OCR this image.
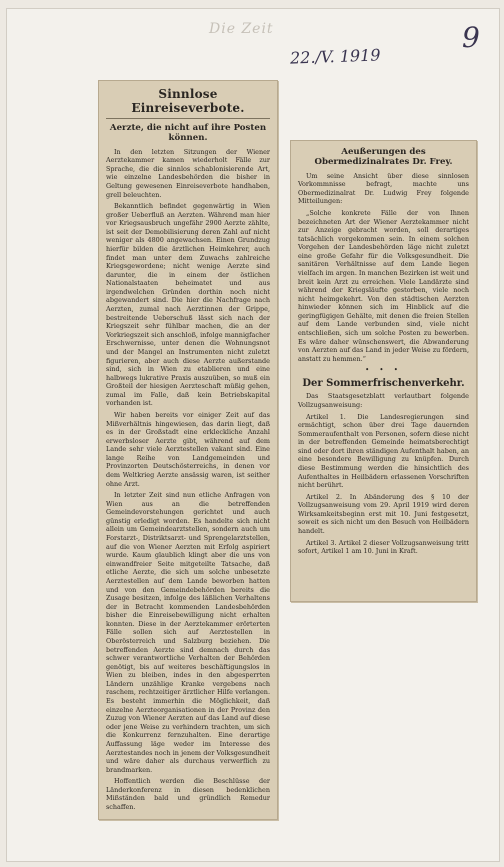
Die Zeit
22./V. 1919
9
Sinnlose Einreiseverbote.
Aerzte, die nicht auf ihre Posten können.

In den letzten Sitzungen der Wiener Aerztekammer kamen wiederholt Fälle zur Sprache, die die sinnlos schablonisierende Art, wie einzelne Landesbehörden die bisher in Geltung gewesenen Einreiseverbote handhaben, grell beleuchten.

Bekanntlich befindet gegenwärtig in Wien großer Ueberfluß an Aerzten. Während man hier vor Kriegsausbruch ungefähr 2900 Aerzte zählte, ist seit der Demobilisierung deren Zahl auf nicht weniger als 4800 angewachsen. Einen Grundzug hierfür bilden die ärztlichen Heimkehrer, auch findet man unter dem Zuwachs zahlreiche Kriegsgewordene; nicht wenige Aerzte sind darunter, die in einem der östlichen Nationalstaaten beheimatet und aus irgendwelchen Gründen dorthin noch nicht abgewandert sind. Die hier die Nachfrage nach Aerzten, zumal nach Aerztinnen der Grippe, bestreitende Ueberschuß lässt sich nach der Kriegszeit sehr fühlbar machen, die an der Vorkriegszeit sich anschloß, infolge mannigfacher Erschwernisse, unter denen die Wohnungsnot und der Mangel an Instrumenten nicht zuletzt figurieren, aber auch diese Aerzte außerstande sind, sich in Wien zu etablieren und eine halbwegs lukrative Praxis auszuüben, so muß ein Großteil der hiesigen Aerzteschaft müßig gehen, zumal im Falle, daß kein Betriebskapital vorhanden ist.

Wir haben bereits vor einiger Zeit auf das Mißverhältnis hingewiesen, das darin liegt, daß es in der Großstadt eine erkleckliche Anzahl erwerbsloser Aerzte gibt, während auf dem Lande sehr viele Aerztestellen vakant sind. Eine lange Reihe von Landgemeinden und Provinzorten Deutschösterreichs, in denen vor dem Weltkrieg Aerzte ansässig waren, ist seither ohne Arzt.

In letzter Zeit sind nun etliche Anfragen von Wien aus an die betreffenden Gemeindevorstehungen gerichtet und auch günstig erledigt worden. Es handelte sich nicht allein um Gemeindearztstellen, sondern auch um Forstarzt-, Distriktsarzt- und Sprengelarztstellen, auf die von Wiener Aerzten mit Erfolg aspiriert wurde. Kaum glaublich klingt aber die uns von einwandfreier Seite mitgeteilte Tatsache, daß etliche Aerzte, die sich um solche unbesetzte Aerztestellen auf dem Lande beworben hatten und von den Gemeindebehörden bereits die Zusage besitzen, infolge des läßlichen Verhaltens der in Betracht kommenden Landesbehörden bisher die Einreisebewilligung nicht erhalten konnten. Diese in der Aerztekammer erörterten Fälle sollen sich auf Aerztestellen in Oberösterreich und Salzburg beziehen. Die betreffenden Aerzte sind demnach durch das schwer verantwortliche Verhalten der Behörden genötigt, bis auf weiteres beschäftigungslos in Wien zu bleiben, indes in den abgesperrten Ländern unzählige Kranke vergebens nach raschem, rechtzeitiger ärztlicher Hilfe verlangen. Es besteht immerhin die Möglichkeit, daß einzelne Aerzteorganisationen in der Provinz den Zuzug von Wiener Aerzten auf das Land auf diese oder jene Weise zu verhindern trachten, um sich die Konkurrenz fernzuhalten. Eine derartige Auffassung läge weder im Interesse des Aerztestandes noch in jenem der Volksgesundheit und wäre daher als durchaus verwerflich zu brandmarken.

Hoffentlich werden die Beschlüsse der Länderkonferenz in diesen bedenklichen Mißständen bald und gründlich Remedur schaffen.

Aeußerungen des Obermedizinalrates Dr. Frey.

Um seine Ansicht über diese sinnlosen Vorkommnisse befragt, machte uns Obermedizinalrat Dr. Ludwig Frey folgende Mitteilungen:

„Solche konkrete Fälle der von Ihnen bezeichneten Art der Wiener Aerztekammer nicht zur Anzeige gebracht worden, soll derartiges tatsächlich vorgekommen sein. In einem solchen Vorgehen der Landesbehörden läge nicht zuletzt eine große Gefahr für die Volksgesundheit. Die sanitären Verhältnisse auf dem Lande liegen vielfach im argen. In manchen Bezirken ist weit und breit kein Arzt zu erreichen. Viele Landärzte sind während der Kriegsläufte gestorben, viele noch nicht heimgekehrt. Von den städtischen Aerzten hinwieder können sich im Hinblick auf die geringfügigen Gehälte, mit denen die freien Stellen auf dem Lande verbunden sind, viele nicht entschließen, sich um solche Posten zu bewerben. Es wäre daher wünschenswert, die Abwanderung von Aerzten auf das Land in jeder Weise zu fördern, anstatt zu hemmen.“

• • •
Der Sommerfrischenverkehr.

Das Staatsgesetzblatt verlautbart folgende Vollzugsanweisung:

Artikel 1. Die Landesregierungen sind ermächtigt, schon über drei Tage dauernden Sommeraufenthalt von Personen, sofern diese nicht in der betreffenden Gemeinde heimatsberechtigt sind oder dort ihren ständigen Aufenthalt haben, an eine besondere Bewilligung zu knüpfen. Durch diese Bestimmung werden die hinsichtlich des Aufenthaltes in Heilbädern erlassenen Vorschriften nicht berührt.

Artikel 2. In Abänderung des § 10 der Vollzugsanweisung vom 29. April 1919 wird deren Wirksamkeitsbeginn erst mit 10. Juni festgesetzt, soweit es sich nicht um den Besuch von Heilbädern handelt.

Artikel 3. Artikel 2 dieser Vollzugsanweisung tritt sofort, Artikel 1 am 10. Juni in Kraft.
